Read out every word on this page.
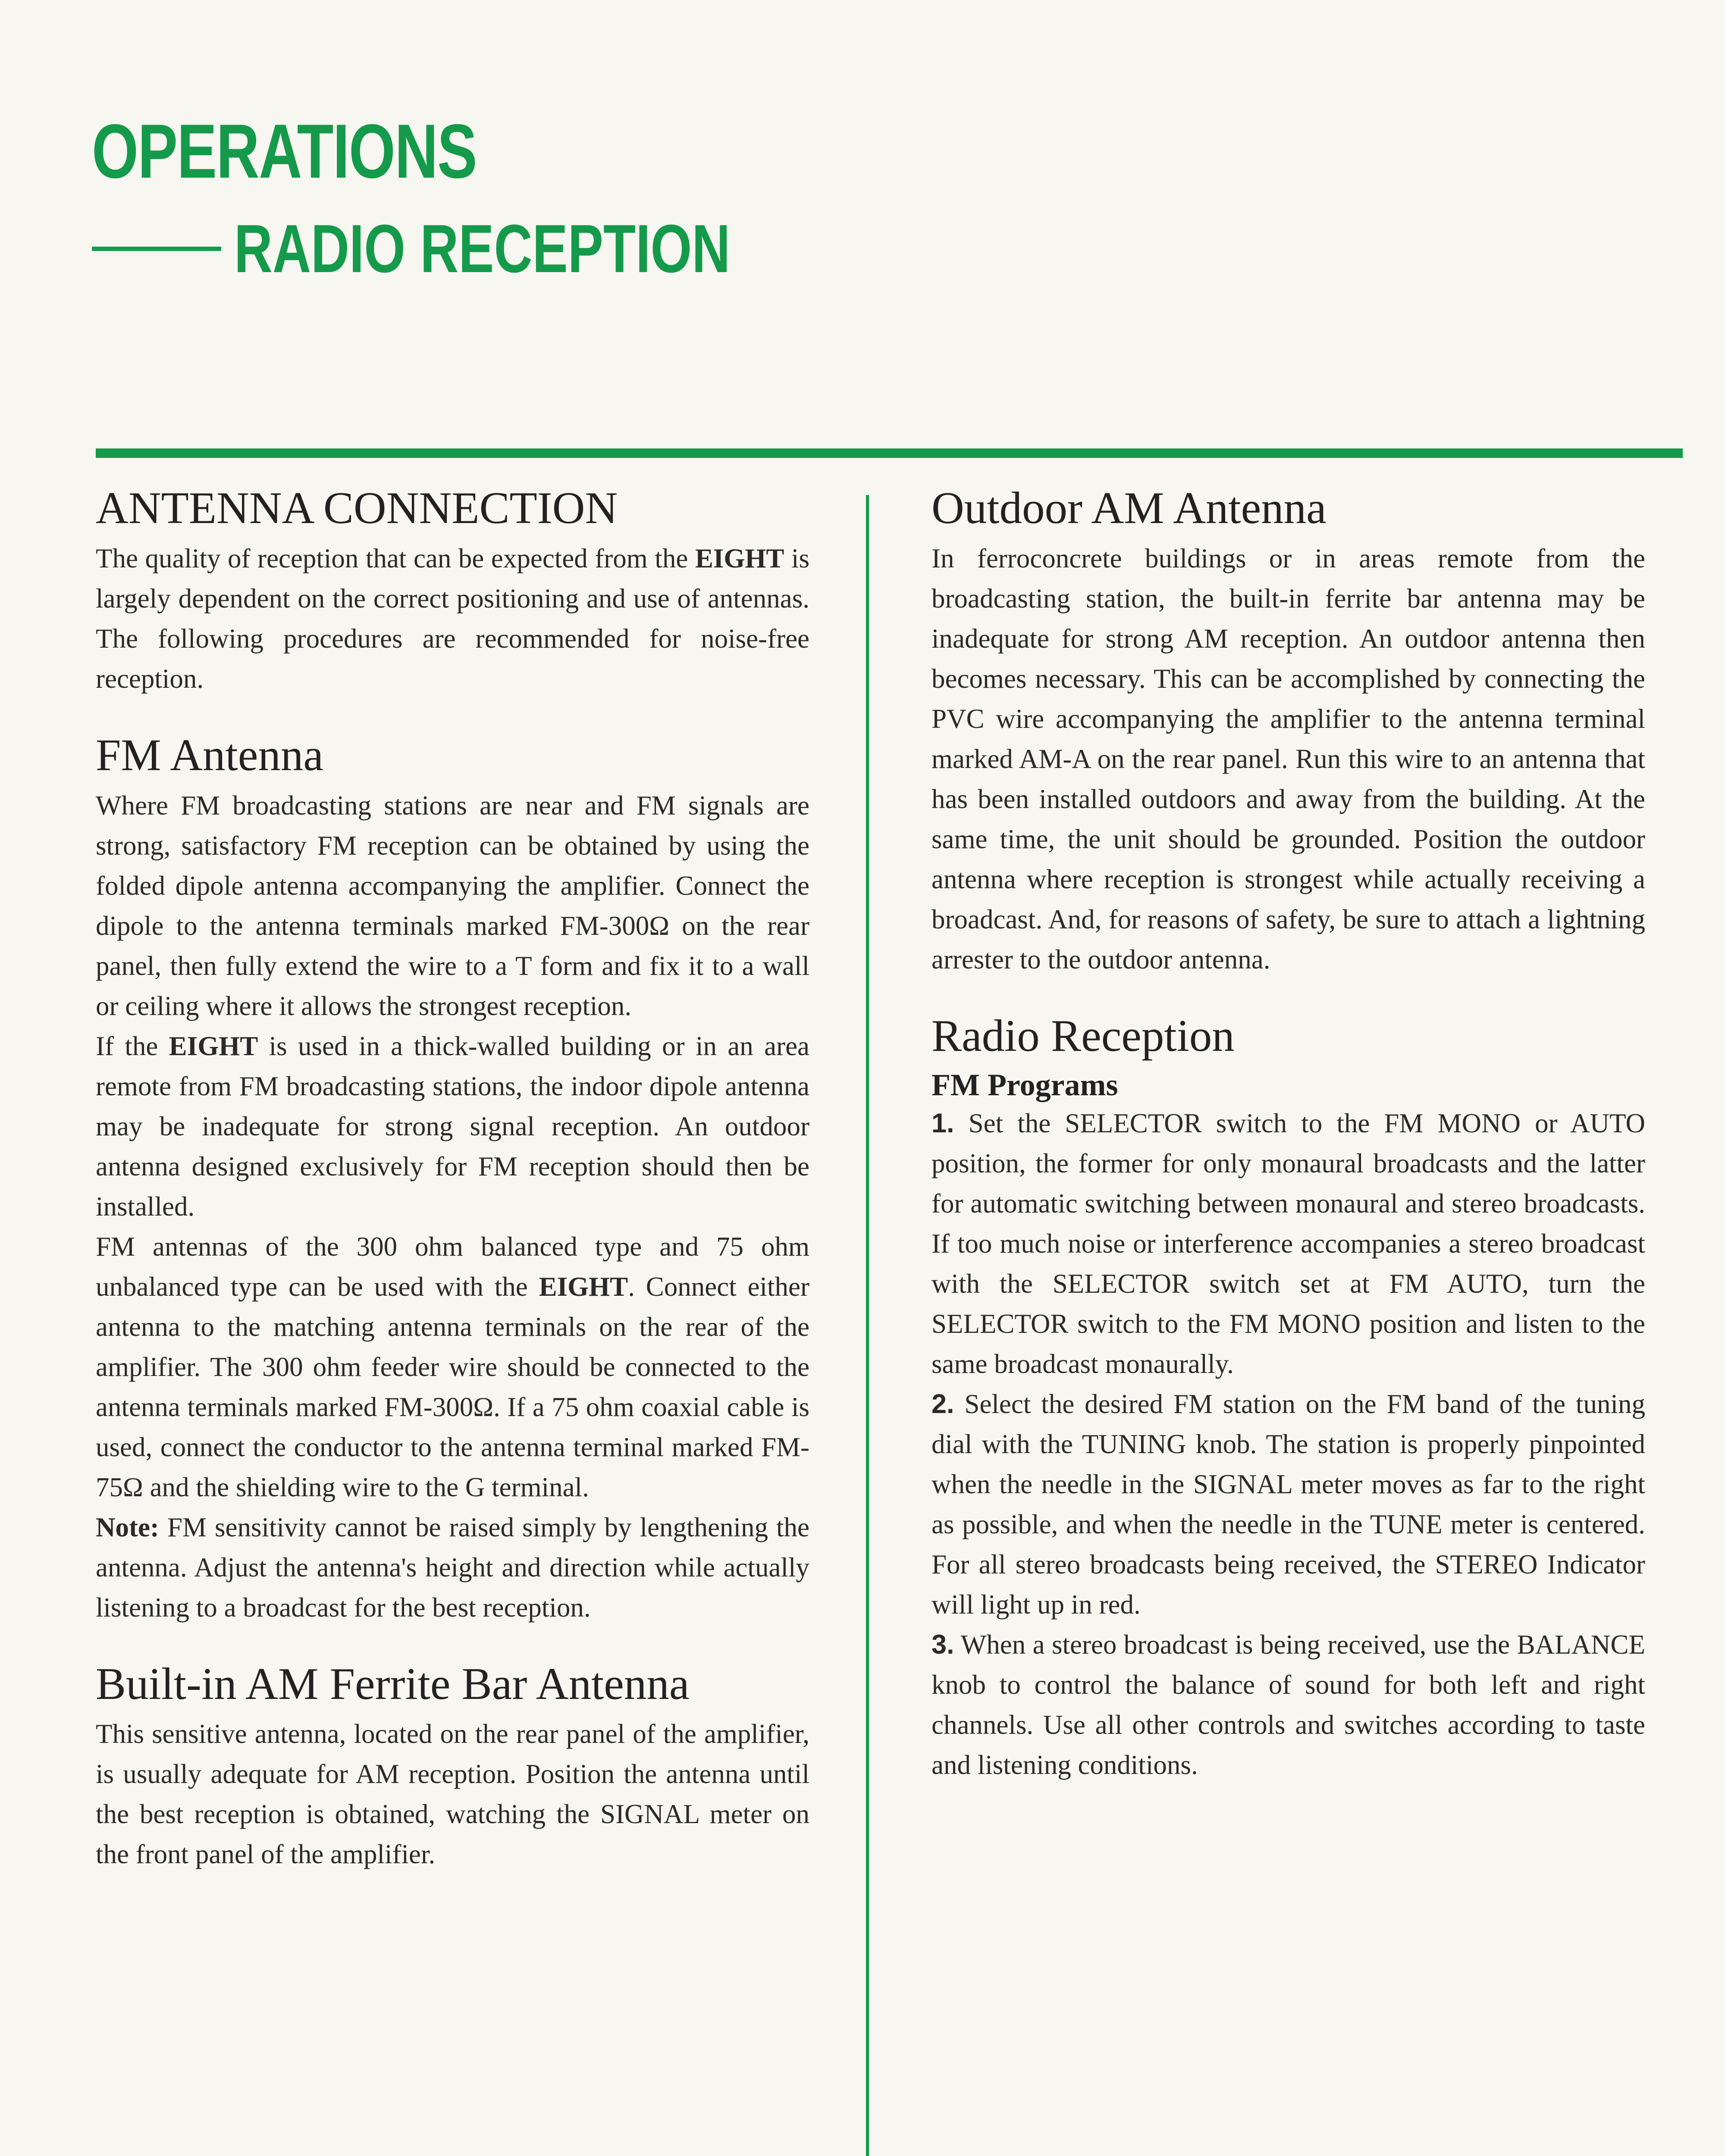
OPERATIONS
RADIO RECEPTION
ANTENNA CONNECTION

The quality of reception that can be expected from the EIGHT is largely dependent on the correct positioning and use of antennas. The following procedures are recommended for noise-free reception.

FM Antenna

Where FM broadcasting stations are near and FM signals are strong, satisfactory FM reception can be obtained by using the folded dipole antenna accompanying the amplifier. Connect the dipole to the antenna terminals marked FM-300Ω on the rear panel, then fully extend the wire to a T form and fix it to a wall or ceiling where it allows the strongest reception.

If the EIGHT is used in a thick-walled building or in an area remote from FM broadcasting stations, the indoor dipole antenna may be inadequate for strong signal reception. An outdoor antenna designed exclusively for FM reception should then be installed.

FM antennas of the 300 ohm balanced type and 75 ohm unbalanced type can be used with the EIGHT. Connect either antenna to the matching antenna terminals on the rear of the amplifier. The 300 ohm feeder wire should be connected to the antenna terminals marked FM-300Ω. If a 75 ohm coaxial cable is used, connect the conductor to the antenna terminal marked FM-75Ω and the shielding wire to the G terminal.

Note: FM sensitivity cannot be raised simply by lengthening the antenna. Adjust the antenna's height and direction while actually listening to a broadcast for the best reception.

Built-in AM Ferrite Bar Antenna

This sensitive antenna, located on the rear panel of the amplifier, is usually adequate for AM reception. Position the antenna until the best reception is obtained, watching the SIGNAL meter on the front panel of the amplifier.

Outdoor AM Antenna

In ferroconcrete buildings or in areas remote from the broadcasting station, the built-in ferrite bar antenna may be inadequate for strong AM reception. An outdoor antenna then becomes necessary. This can be accomplished by connecting the PVC wire accompanying the amplifier to the antenna terminal marked AM-A on the rear panel. Run this wire to an antenna that has been installed outdoors and away from the building. At the same time, the unit should be grounded. Position the outdoor antenna where reception is strongest while actually receiving a broadcast. And, for reasons of safety, be sure to attach a lightning arrester to the outdoor antenna.

Radio Reception
FM Programs

1. Set the SELECTOR switch to the FM MONO or AUTO position, the former for only monaural broadcasts and the latter for automatic switching between monaural and stereo broadcasts. If too much noise or interference accompanies a stereo broadcast with the SELECTOR switch set at FM AUTO, turn the SELECTOR switch to the FM MONO position and listen to the same broadcast monaurally.

2. Select the desired FM station on the FM band of the tuning dial with the TUNING knob. The station is properly pinpointed when the needle in the SIGNAL meter moves as far to the right as possible, and when the needle in the TUNE meter is centered. For all stereo broadcasts being received, the STEREO Indicator will light up in red.

3. When a stereo broadcast is being received, use the BALANCE knob to control the balance of sound for both left and right channels. Use all other controls and switches according to taste and listening conditions.
